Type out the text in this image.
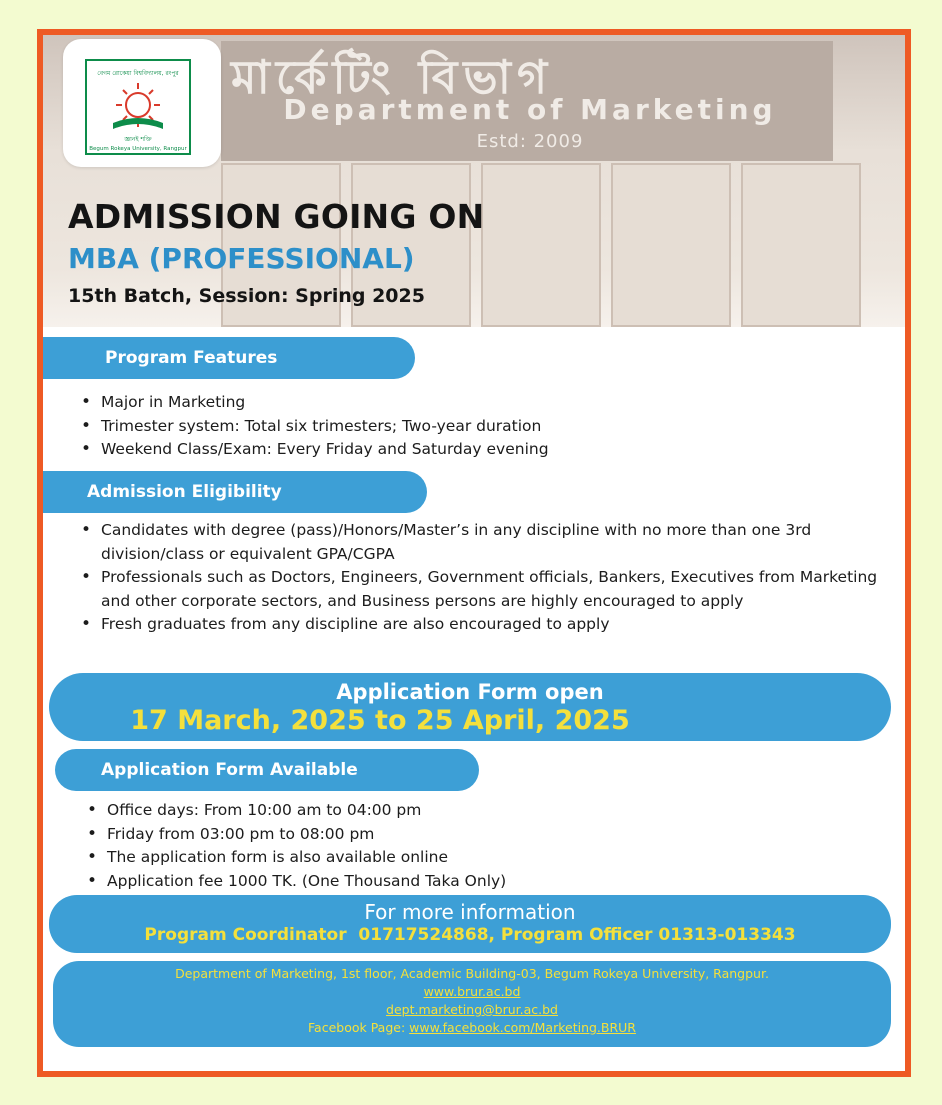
মার্কেটিং বিভাগ
Department of Marketing
Estd: 2009
বেগম রোকেয়া বিশ্ববিদ্যালয়, রংপুর
জ্ঞানই শক্তি
Begum Rokeya University, Rangpur
ADMISSION GOING ON
MBA (PROFESSIONAL)
15th Batch, Session: Spring 2025
Program Features
• Major in Marketing
• Trimester system: Total six trimesters; Two-year duration
• Weekend Class/Exam: Every Friday and Saturday evening
Admission Eligibility
• Candidates with degree (pass)/Honors/Master’s in any discipline with no more than one 3rd division/class or equivalent GPA/CGPA
• Professionals such as Doctors, Engineers, Government officials, Bankers, Executives from Marketing and other corporate sectors, and Business persons are highly encouraged to apply
• Fresh graduates from any discipline are also encouraged to apply
Application Form open
17 March, 2025 to 25 April, 2025
Application Form Available
• Office days: From 10:00 am to 04:00 pm
• Friday from 03:00 pm to 08:00 pm
• The application form is also available online
• Application fee 1000 TK. (One Thousand Taka Only)
For more information
Program Coordinator  01717524868, Program Officer 01313-013343
Department of Marketing, 1st floor, Academic Building-03, Begum Rokeya University, Rangpur.
www.brur.ac.bd
dept.marketing@brur.ac.bd
Facebook Page: www.facebook.com/Marketing.BRUR
